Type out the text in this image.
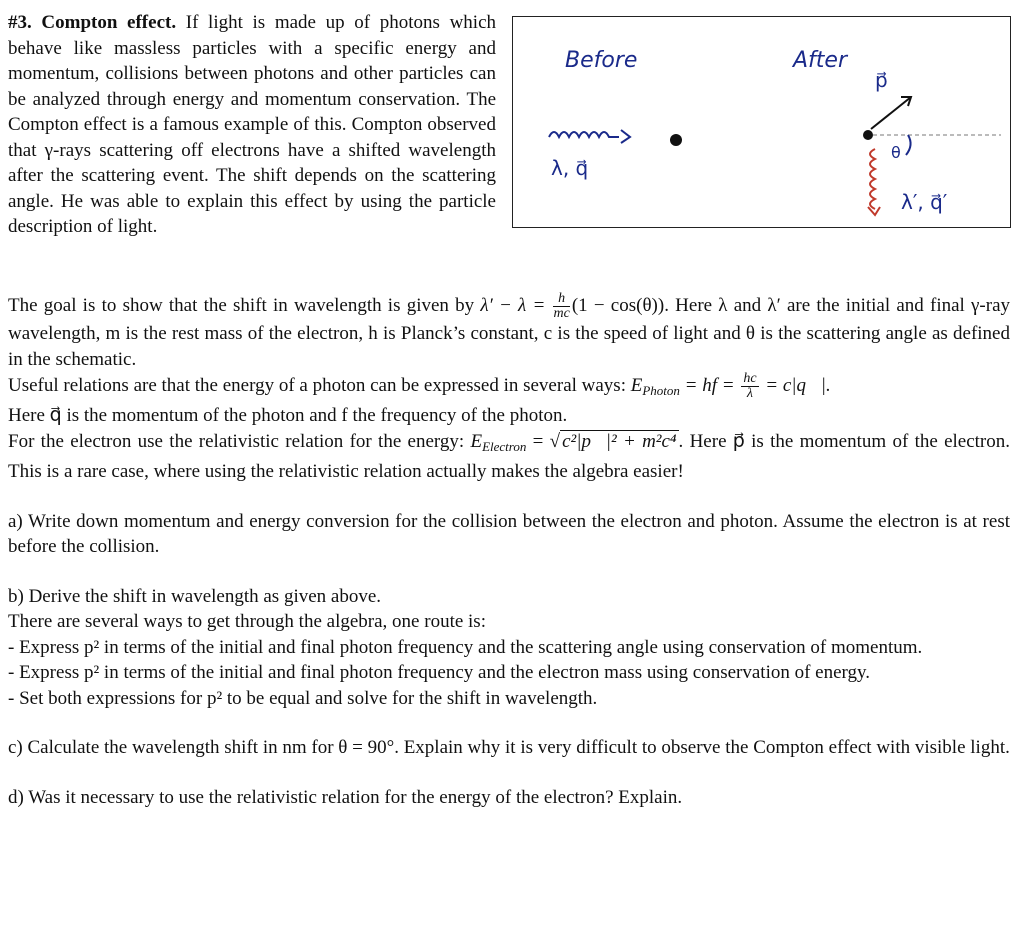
#3. Compton effect. If light is made up of photons which behave like massless particles with a specific energy and momentum, collisions between photons and other particles can be analyzed through energy and momentum conservation. The Compton effect is a famous example of this. Compton observed that γ-rays scattering off electrons have a shifted wavelength after the scattering event. The shift depends on the scattering angle. He was able to explain this effect by using the particle description of light.
Before	After
λ, q⃗
p⃗
θ
λ′, q⃗′

The goal is to show that the shift in wavelength is given by $\lambda' - \lambda = \frac{h}{mc} (1 - \cos(\theta))$. Here λ and λ′ are the initial and final γ-ray wavelength, m is the rest mass of the electron, h is Planck’s constant, c is the speed of light and θ is the scattering angle as defined in the schematic.

Useful relations are that the energy of a photon can be expressed in several ways: $E_{Photon}$ = hf = $\frac{hc}{\lambda}$ = c|q⃗|.

Here q⃗ is the momentum of the photon and f the frequency of the photon.

For the electron use the relativistic relation for the energy: $E_{Electron}$ = √ c²|p⃗|² + m²c⁴ . Here p⃗ is the momentum of the electron. This is a rare case, where using the relativistic relation actually makes the algebra easier!

a) Write down momentum and energy conversion for the collision between the electron and photon. Assume the electron is at rest before the collision.

b) Derive the shift in wavelength as given above.

There are several ways to get through the algebra, one route is:

- Express p² in terms of the initial and final photon frequency and the scattering angle using conservation of momentum.

- Express p² in terms of the initial and final photon frequency and the electron mass using conservation of energy.

- Set both expressions for p² to be equal and solve for the shift in wavelength.

c) Calculate the wavelength shift in nm for θ = 90°. Explain why it is very difficult to observe the Compton effect with visible light.

d) Was it necessary to use the relativistic relation for the energy of the electron? Explain.
